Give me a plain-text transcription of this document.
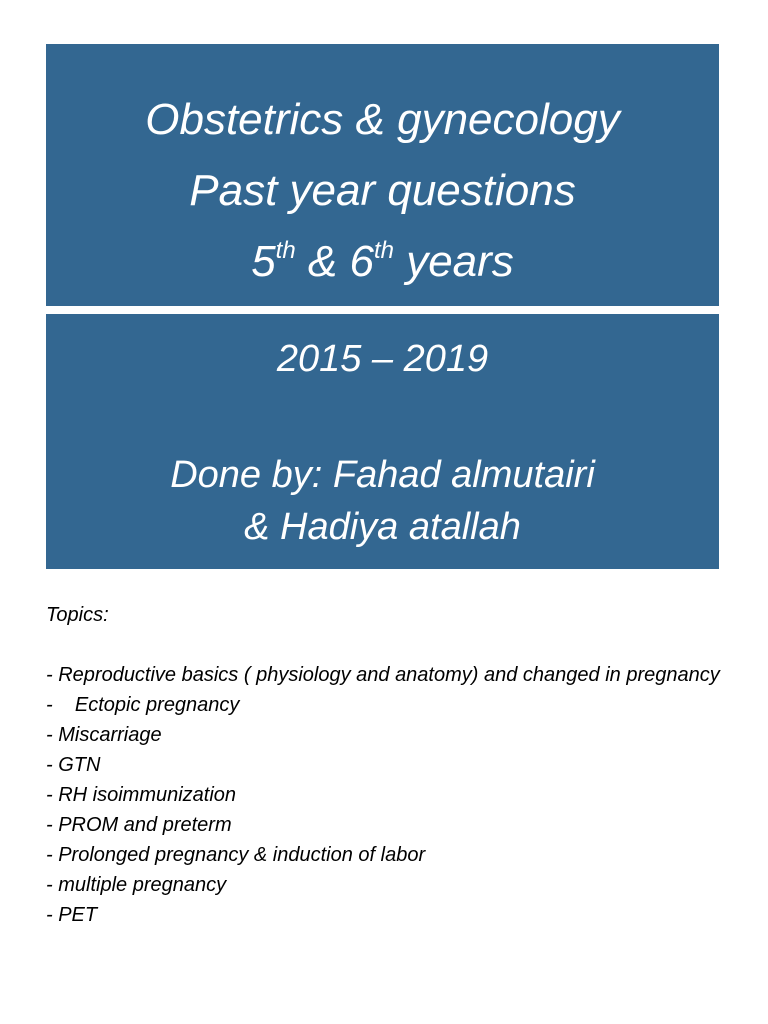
Obstetrics & gynecology
Past year questions
5th & 6th years
2015 – 2019
Done by: Fahad almutairi
& Hadiya atallah
Topics:
- Reproductive basics ( physiology and anatomy) and changed in pregnancy
-    Ectopic pregnancy
- Miscarriage
- GTN
- RH isoimmunization
- PROM and preterm
- Prolonged pregnancy & induction of labor
- multiple pregnancy
- PET
